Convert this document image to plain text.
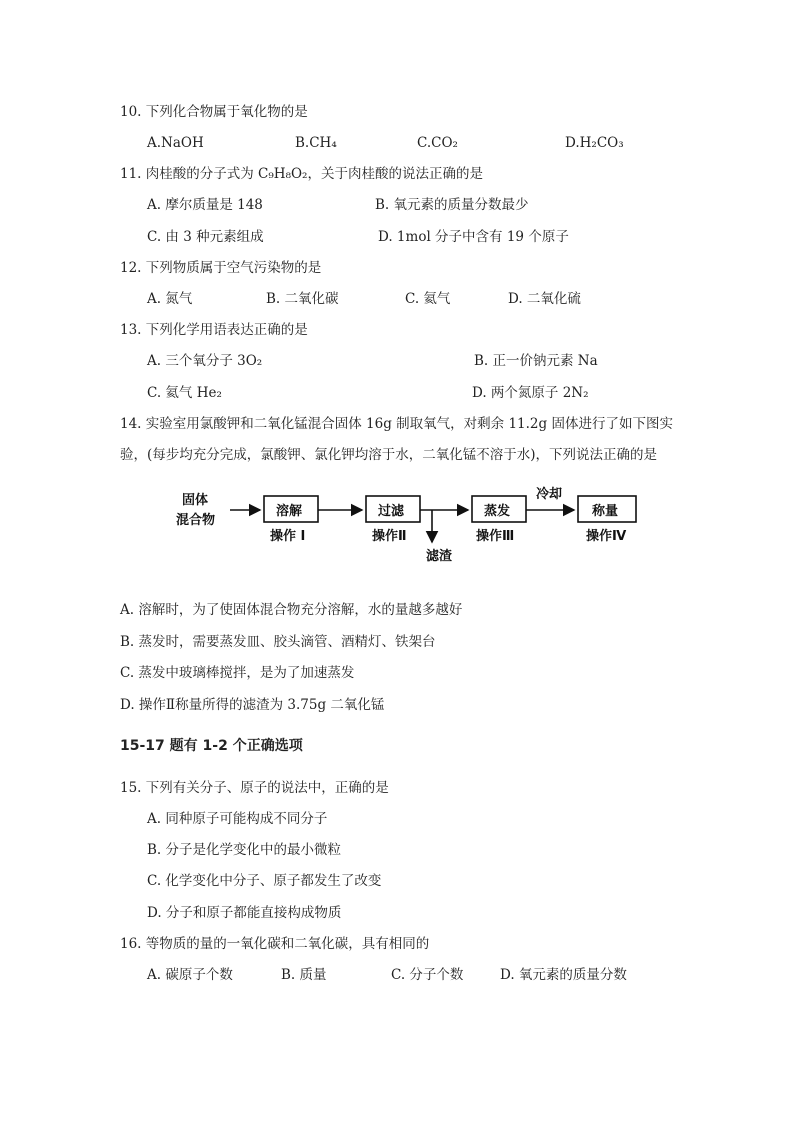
10. 下列化合物属于氧化物的是
A.NaOH	B.CH₄	C.CO₂	D.H₂CO₃
11. 肉桂酸的分子式为 C₉H₈O₂，关于肉桂酸的说法正确的是
A. 摩尔质量是 148	B. 氧元素的质量分数最少
C. 由 3 种元素组成	D. 1mol 分子中含有 19 个原子
12. 下列物质属于空气污染物的是
A. 氮气	B. 二氧化碳	C. 氦气	D. 二氧化硫
13. 下列化学用语表达正确的是
A. 三个氧分子 3O₂	B. 正一价钠元素 Na
C. 氦气 He₂	D. 两个氮原子 2N₂
14. 实验室用氯酸钾和二氧化锰混合固体 16g 制取氧气，对剩余 11.2g 固体进行了如下图实
验，(每步均充分完成，氯酸钾、氯化钾均溶于水，二氧化锰不溶于水)，下列说法正确的是
固体
混合物
溶解
操作 I
过滤
操作Ⅱ
滤渣
蒸发
操作Ⅲ
冷却
称量
操作Ⅳ
A. 溶解时，为了使固体混合物充分溶解，水的量越多越好
B. 蒸发时，需要蒸发皿、胶头滴管、酒精灯、铁架台
C. 蒸发中玻璃棒搅拌，是为了加速蒸发
D. 操作Ⅱ称量所得的滤渣为 3.75g 二氧化锰
15-17 题有 1-2 个正确选项
15. 下列有关分子、原子的说法中，正确的是
A. 同种原子可能构成不同分子
B. 分子是化学变化中的最小微粒
C. 化学变化中分子、原子都发生了改变
D. 分子和原子都能直接构成物质
16. 等物质的量的一氧化碳和二氧化碳，具有相同的
A. 碳原子个数	B. 质量	C. 分子个数	D. 氧元素的质量分数
